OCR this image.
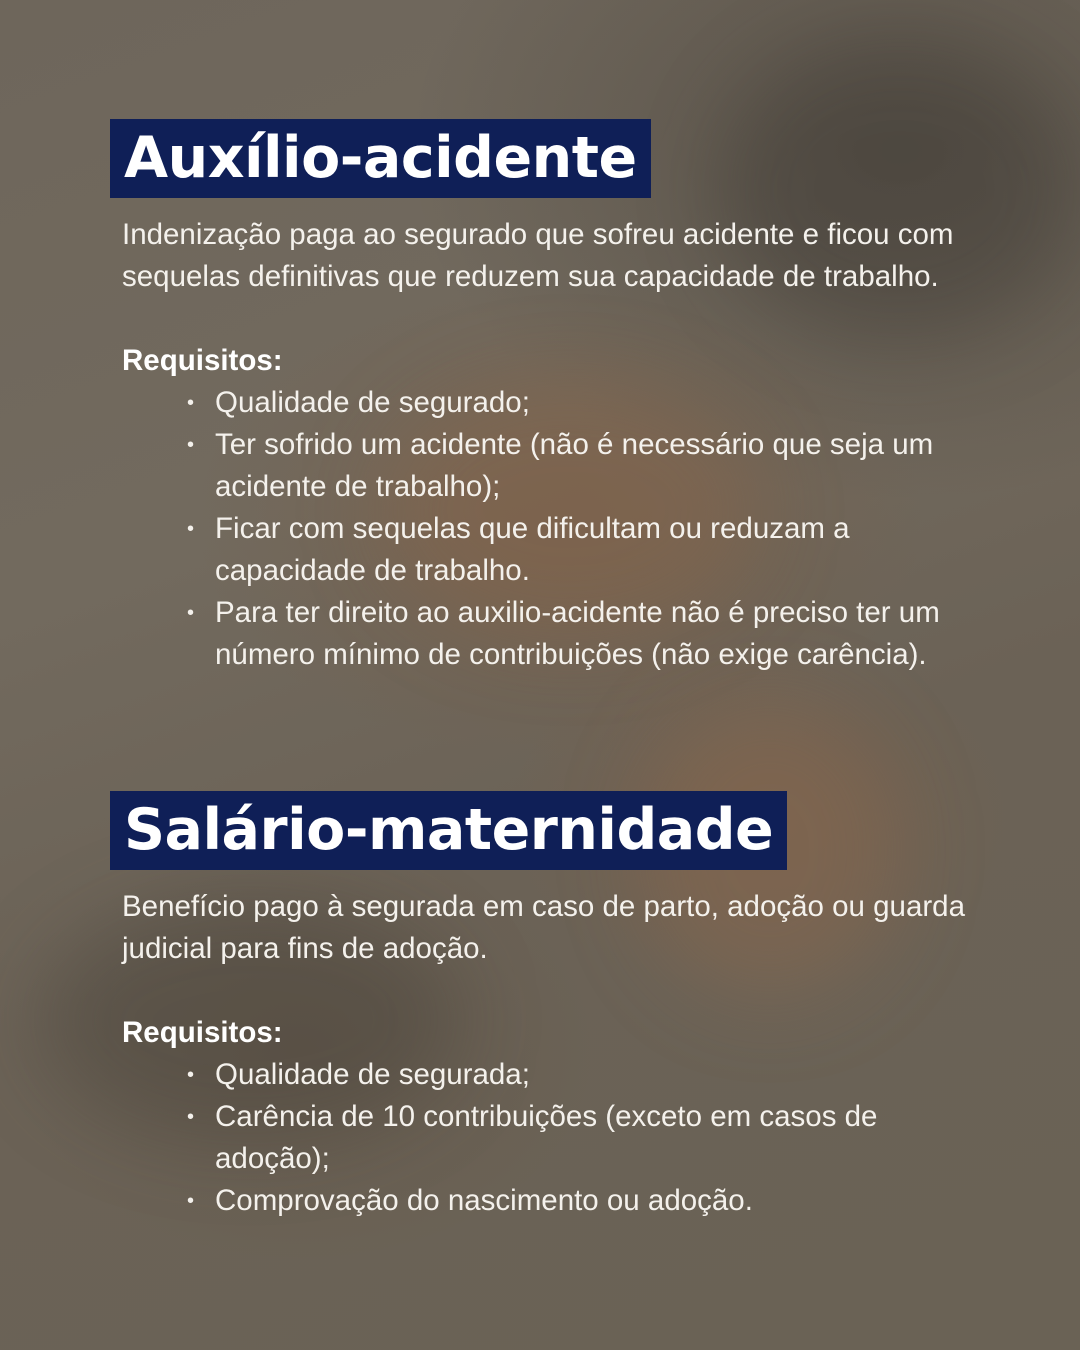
Auxílio-acidente

Indenização paga ao segurado que sofreu acidente e ficou com sequelas definitivas que reduzem sua capacidade de trabalho.

Requisitos:
• Qualidade de segurado;
• Ter sofrido um acidente (não é necessário que seja um acidente de trabalho);
• Ficar com sequelas que dificultam ou reduzam a capacidade de trabalho.
• Para ter direito ao auxilio-acidente não é preciso ter um número mínimo de contribuições (não exige carência).
Salário-maternidade

Benefício pago à segurada em caso de parto, adoção ou guarda judicial para fins de adoção.

Requisitos:
• Qualidade de segurada;
• Carência de 10 contribuições (exceto em casos de adoção);
• Comprovação do nascimento ou adoção.
